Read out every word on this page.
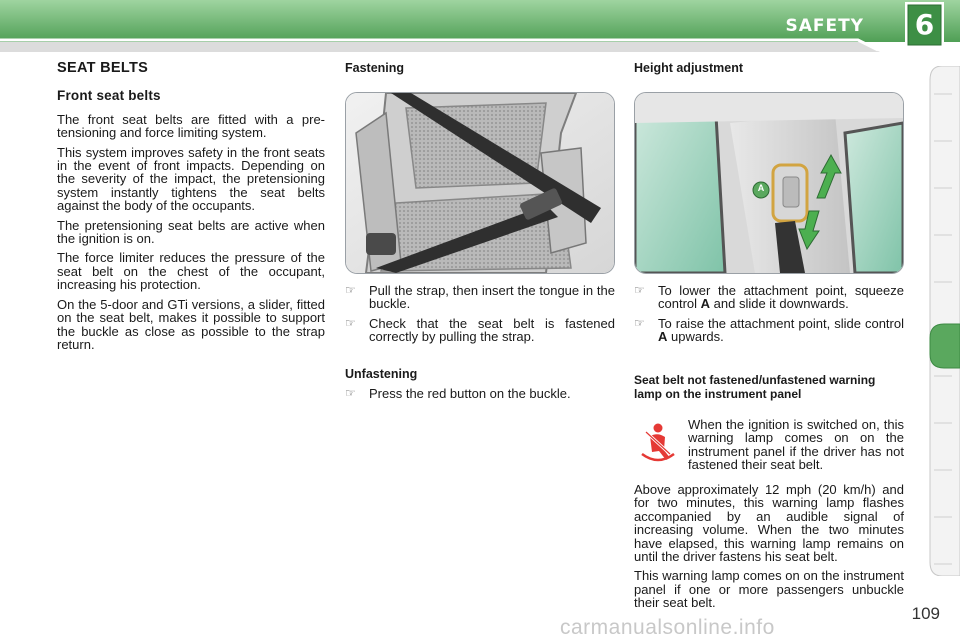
SAFETY 6
SEAT BELTS
Front seat belts

The front seat belts are fitted with a pre-tensioning and force limiting system.

This system improves safety in the front seats in the event of front impacts. Depending on the severity of the impact, the pretensioning system instantly tightens the seat belts against the body of the occupants.

The pretensioning seat belts are active when the ignition is on.

The force limiter reduces the pressure of the seat belt on the chest of the occupant, increasing his protection.

On the 5-door and GTi versions, a slider, fitted on the seat belt, makes it possible to support the buckle as close as possible to the strap return.

Fastening
☞ Pull the strap, then insert the tongue in the buckle.
☞ Check that the seat belt is fastened correctly by pulling the strap.
Unfastening
☞ Press the red button on the buckle.
Height adjustment
A
☞ To lower the attachment point, squeeze control A and slide it downwards.
☞ To raise the attachment point, slide control A upwards.
Seat belt not fastened/unfastened warning lamp on the instrument panel

When the ignition is switched on, this warning lamp comes on on the instrument panel if the driver has not fastened their seat belt.

Above approximately 12 mph (20 km/h) and for two minutes, this warning lamp flashes accompanied by an audible signal of increasing volume. When the two minutes have elapsed, this warning lamp remains on until the driver fastens his seat belt.

This warning lamp comes on on the instrument panel if one or more passengers unbuckle their seat belt.

109
carmanualsonline.info
